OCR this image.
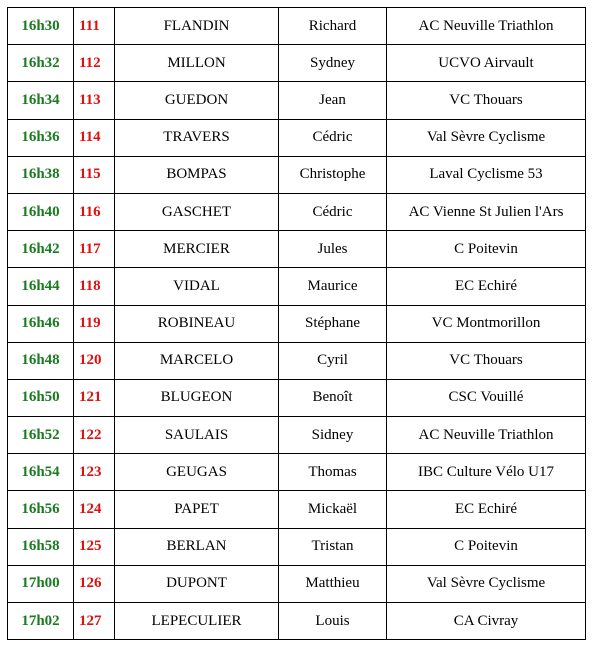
16h30	111	FLANDIN	Richard	AC Neuville Triathlon
16h32	112	MILLON	Sydney	UCVO Airvault
16h34	113	GUEDON	Jean	VC Thouars
16h36	114	TRAVERS	Cédric	Val Sèvre Cyclisme
16h38	115	BOMPAS	Christophe	Laval Cyclisme 53
16h40	116	GASCHET	Cédric	AC Vienne St Julien l'Ars
16h42	117	MERCIER	Jules	C Poitevin
16h44	118	VIDAL	Maurice	EC Echiré
16h46	119	ROBINEAU	Stéphane	VC Montmorillon
16h48	120	MARCELO	Cyril	VC Thouars
16h50	121	BLUGEON	Benoît	CSC Vouillé
16h52	122	SAULAIS	Sidney	AC Neuville Triathlon
16h54	123	GEUGAS	Thomas	IBC Culture Vélo U17
16h56	124	PAPET	Mickaël	EC Echiré
16h58	125	BERLAN	Tristan	C Poitevin
17h00	126	DUPONT	Matthieu	Val Sèvre Cyclisme
17h02	127	LEPECULIER	Louis	CA Civray
